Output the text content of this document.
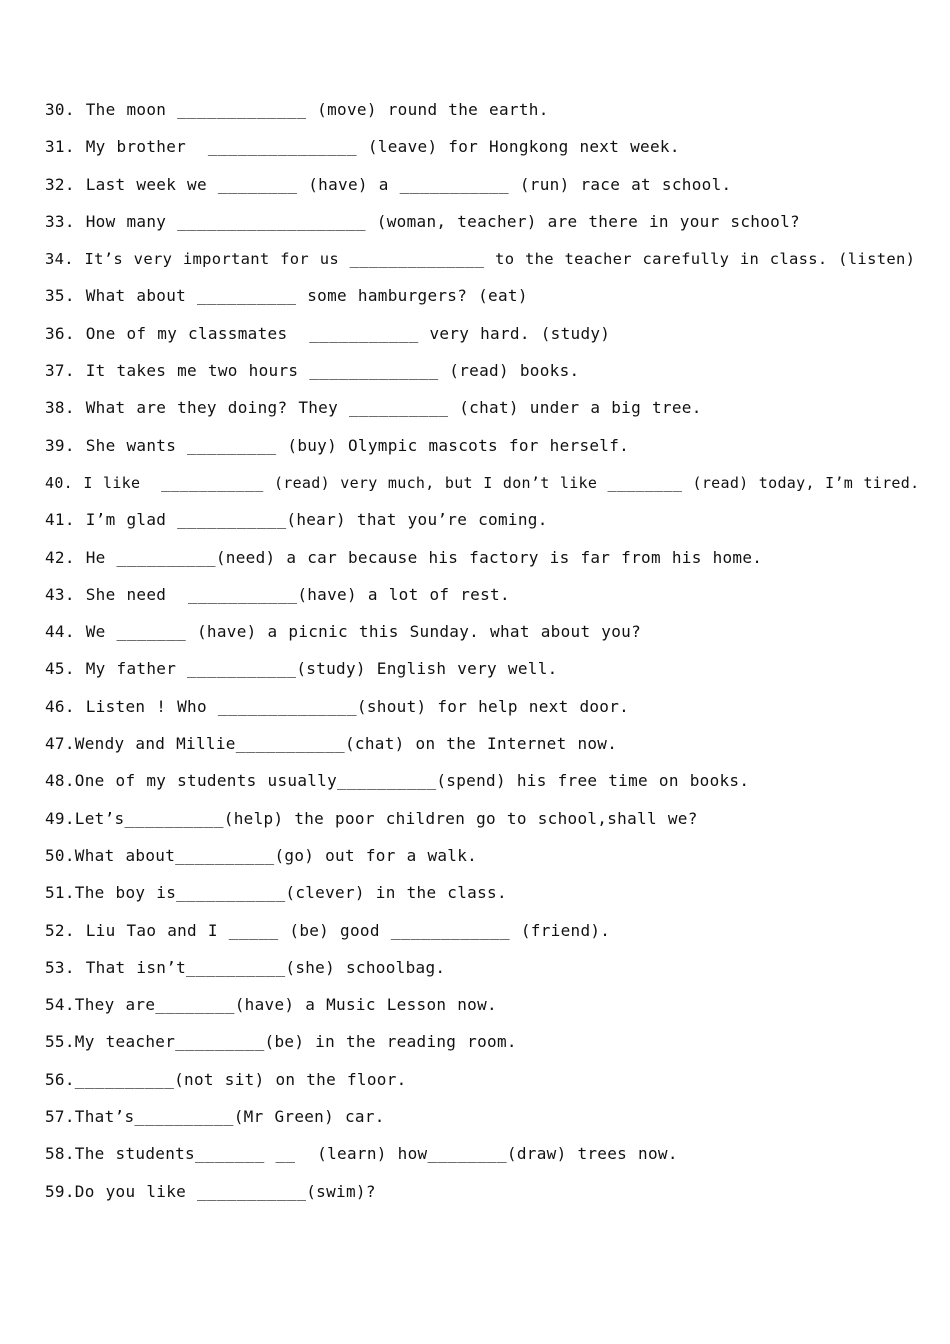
30. The moon _____________ (move) round the earth.
31. My brother  _______________ (leave) for Hongkong next week.
32. Last week we ________ (have) a ___________ (run) race at school.
33. How many ___________________ (woman, teacher) are there in your school?
34. It’s very important for us ______________ to the teacher carefully in class. (listen)
35. What about __________ some hamburgers? (eat)
36. One of my classmates  ___________ very hard. (study)
37. It takes me two hours _____________ (read) books.
38. What are they doing? They __________ (chat) under a big tree.
39. She wants _________ (buy) Olympic mascots for herself.
40. I like  ___________ (read) very much, but I don’t like ________ (read) today, I’m tired.
41. I’m glad ___________(hear) that you’re coming.
42. He __________(need) a car because his factory is far from his home.
43. She need  ___________(have) a lot of rest.
44. We _______ (have) a picnic this Sunday. what about you?
45. My father ___________(study) English very well.
46. Listen ! Who ______________(shout) for help next door.
47.Wendy and Millie___________(chat) on the Internet now.
48.One of my students usually__________(spend) his free time on books.
49.Let’s__________(help) the poor children go to school,shall we?
50.What about__________(go) out for a walk.
51.The boy is___________(clever) in the class.
52. Liu Tao and I _____ (be) good ____________ (friend).
53. That isn’t__________(she) schoolbag.
54.They are________(have) a Music Lesson now.
55.My teacher_________(be) in the reading room.
56.__________(not sit) on the floor.
57.That’s__________(Mr Green) car.
58.The students_______ __  (learn) how________(draw) trees now.
59.Do you like ___________(swim)?
